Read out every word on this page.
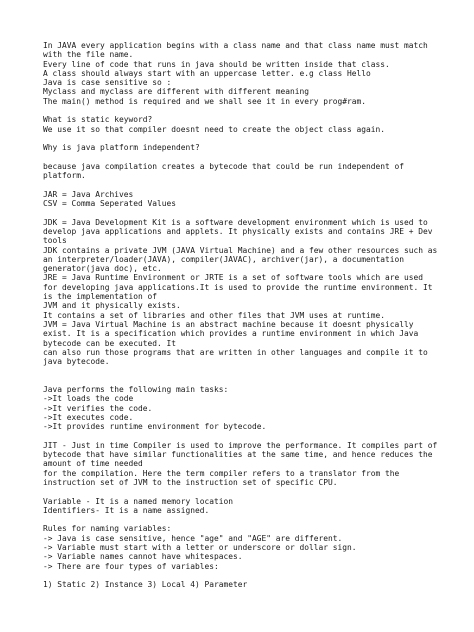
In JAVA every application begins with a class name and that class name must match
with the file name.
Every line of code that runs in java should be written inside that class.
A class should always start with an uppercase letter. e.g class Hello
Java is case sensitive so :
Myclass and myclass are different with different meaning
The main() method is required and we shall see it in every prog#ram.
What is static keyword?
We use it so that compiler doesnt need to create the object class again.
Why is java platform independent?
because java compilation creates a bytecode that could be run independent of
platform.
JAR = Java Archives
CSV = Comma Seperated Values
JDK = Java Development Kit is a software development environment which is used to
develop java applications and applets. It physically exists and contains JRE + Dev
tools
JDK contains a private JVM (JAVA Virtual Machine) and a few other resources such as
an interpreter/loader(JAVA), compiler(JAVAC), archiver(jar), a documentation
generator(java doc), etc.
JRE = Java Runtime Environment or JRTE is a set of software tools which are used
for developing java applications.It is used to provide the runtime environment. It
is the implementation of
JVM and it physically exists.
It contains a set of libraries and other files that JVM uses at runtime.
JVM = Java Virtual Machine is an abstract machine because it doesnt physically
exist. It is a specification which provides a runtime environment in which Java
bytecode can be executed. It
can also run those programs that are written in other languages and compile it to
java bytecode.
Java performs the following main tasks:
->It loads the code
->It verifies the code.
->It executes code.
->It provides runtime environment for bytecode.
JIT - Just in time Compiler is used to improve the performance. It compiles part of
bytecode that have similar functionalities at the same time, and hence reduces the
amount of time needed
for the compilation. Here the term compiler refers to a translator from the
instruction set of JVM to the instruction set of specific CPU.
Variable - It is a named memory location
Identifiers- It is a name assigned.
Rules for naming variables:
-> Java is case sensitive, hence "age" and "AGE" are different.
-> Variable must start with a letter or underscore or dollar sign.
-> Variable names cannot have whitespaces.
-> There are four types of variables:
1) Static 2) Instance 3) Local 4) Parameter
